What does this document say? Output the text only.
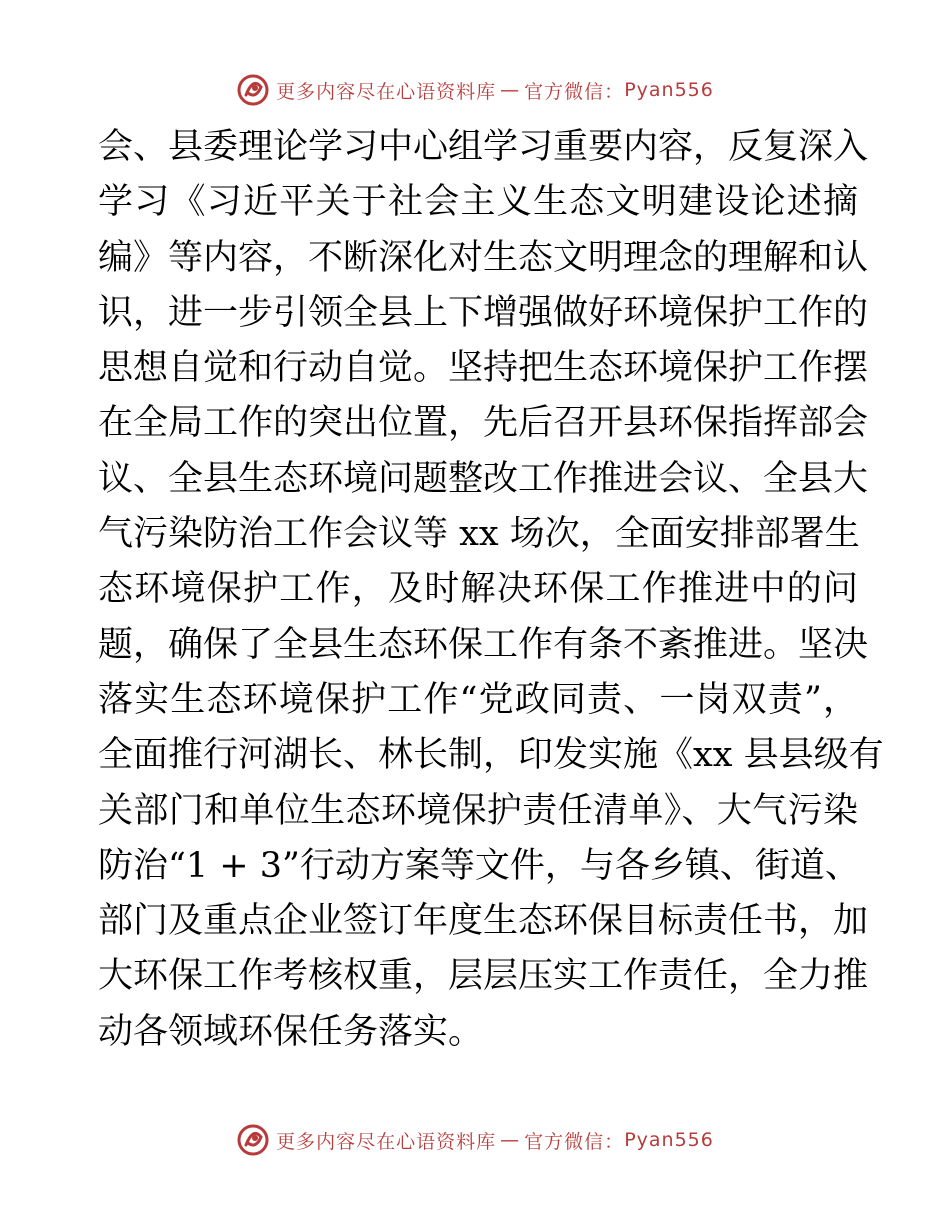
更多内容尽在心语资料库 — 官方微信： Pyan556
会、县委理论学习中心组学习重要内容，反复深入
学习《习近平关于社会主义生态文明建设论述摘
编》等内容，不断深化对生态文明理念的理解和认
识，进一步引领全县上下增强做好环境保护工作的
思想自觉和行动自觉。坚持把生态环境保护工作摆
在全局工作的突出位置，先后召开县环保指挥部会
议、全县生态环境问题整改工作推进会议、全县大
气污染防治工作会议等 xx 场次，全面安排部署生
态环境保护工作，及时解决环保工作推进中的问
题，确保了全县生态环保工作有条不紊推进。坚决
落实生态环境保护工作“党政同责、一岗双责”，
全面推行河湖长、林长制，印发实施《xx 县县级有
关部门和单位生态环境保护责任清单》、大气污染
防治“1 + 3”行动方案等文件，与各乡镇、街道、
部门及重点企业签订年度生态环保目标责任书，加
大环保工作考核权重，层层压实工作责任，全力推
动各领域环保任务落实。
更多内容尽在心语资料库 — 官方微信： Pyan556
